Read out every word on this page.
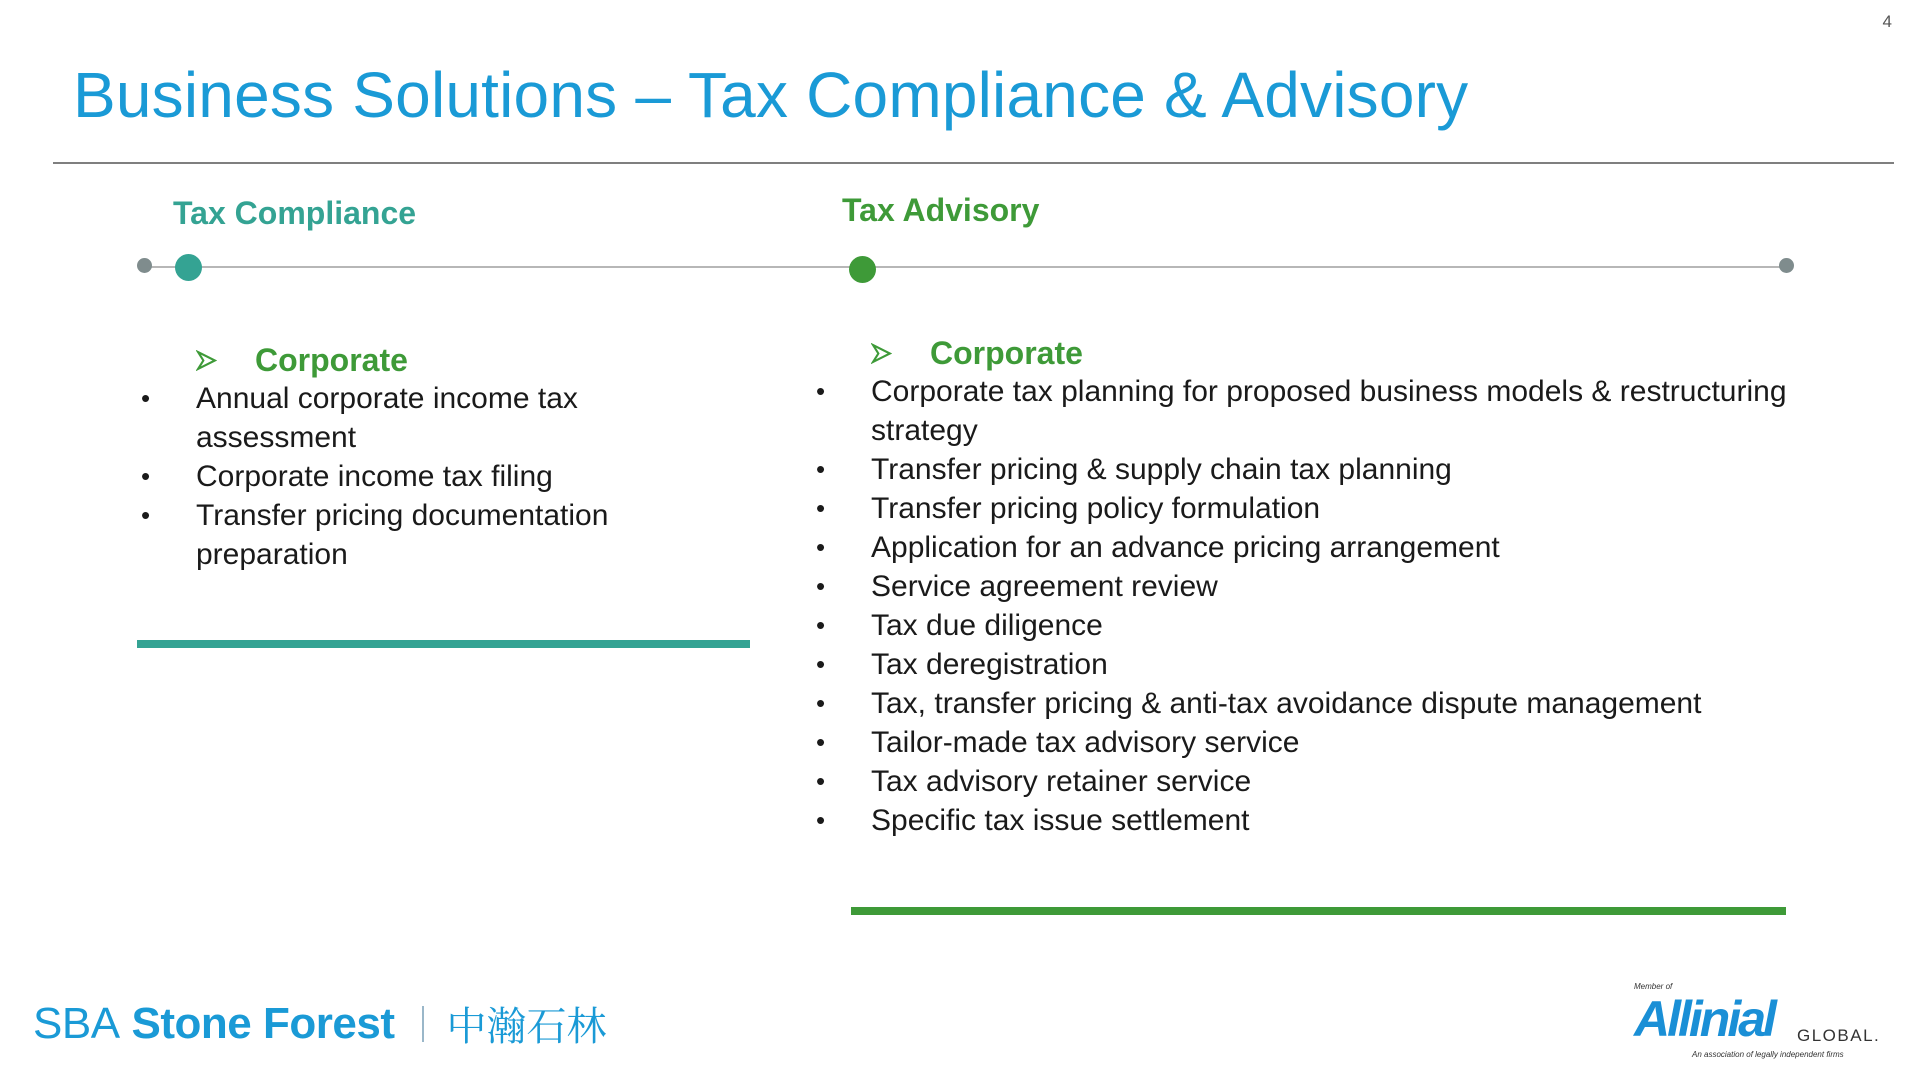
4
Business Solutions – Tax Compliance & Advisory
Tax Compliance	Tax Advisory
Corporate
• Annual corporate income tax assessment
• Corporate income tax filing
• Transfer pricing documentation preparation
Corporate
• Corporate tax planning for proposed business models & restructuring strategy
• Transfer pricing & supply chain tax planning
• Transfer pricing policy formulation
• Application for an advance pricing arrangement
• Service agreement review
• Tax due diligence
• Tax deregistration
• Tax, transfer pricing & anti-tax avoidance dispute management
• Tailor-made tax advisory service
• Tax advisory retainer service
• Specific tax issue settlement
SBA Stone Forest 中瀚石林
Member of
Allinial GLOBAL.
An association of legally independent firms
